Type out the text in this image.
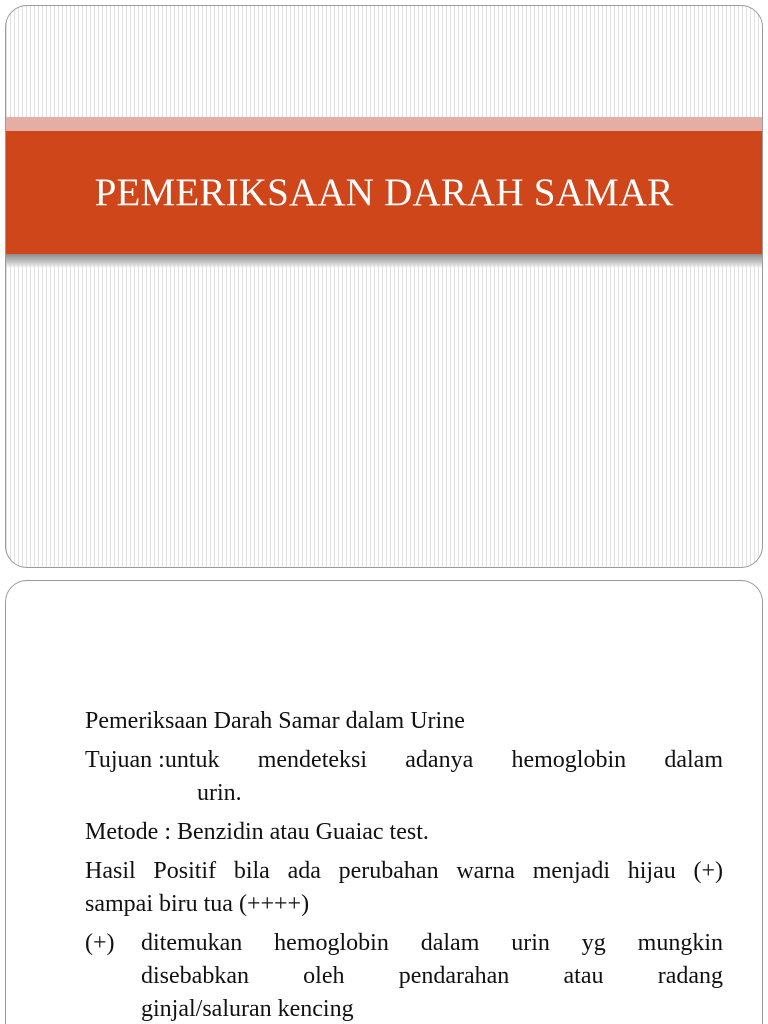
PEMERIKSAAN DARAH SAMAR
Pemeriksaan Darah Samar dalam Urine
Tujuan : untuk mendeteksi adanya hemoglobin dalam
urin.
Metode : Benzidin atau Guaiac test.
Hasil Positif bila ada perubahan warna menjadi hijau (+)
sampai biru tua (++++)
(+)	ditemukan hemoglobin dalam urin yg mungkin
disebabkan oleh pendarahan atau radang
ginjal/saluran kencing
